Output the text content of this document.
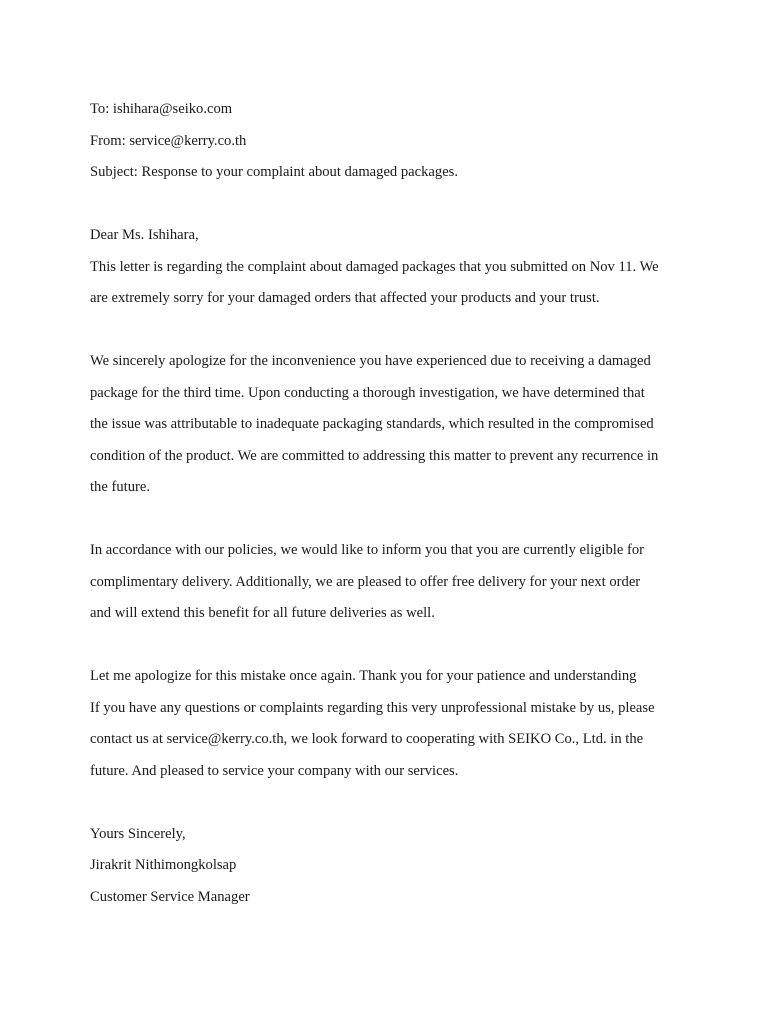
To: ishihara@seiko.com
From: service@kerry.co.th
Subject: Response to your complaint about damaged packages.
Dear Ms. Ishihara,
This letter is regarding the complaint about damaged packages that you submitted on Nov 11. We
are extremely sorry for your damaged orders that affected your products and your trust.
We sincerely apologize for the inconvenience you have experienced due to receiving a damaged
package for the third time. Upon conducting a thorough investigation, we have determined that
the issue was attributable to inadequate packaging standards, which resulted in the compromised
condition of the product. We are committed to addressing this matter to prevent any recurrence in
the future.
In accordance with our policies, we would like to inform you that you are currently eligible for
complimentary delivery. Additionally, we are pleased to offer free delivery for your next order
and will extend this benefit for all future deliveries as well.
Let me apologize for this mistake once again. Thank you for your patience and understanding
If you have any questions or complaints regarding this very unprofessional mistake by us, please
contact us at service@kerry.co.th, we look forward to cooperating with SEIKO Co., Ltd. in the
future. And pleased to service your company with our services.
Yours Sincerely,
Jirakrit Nithimongkolsap
Customer Service Manager
